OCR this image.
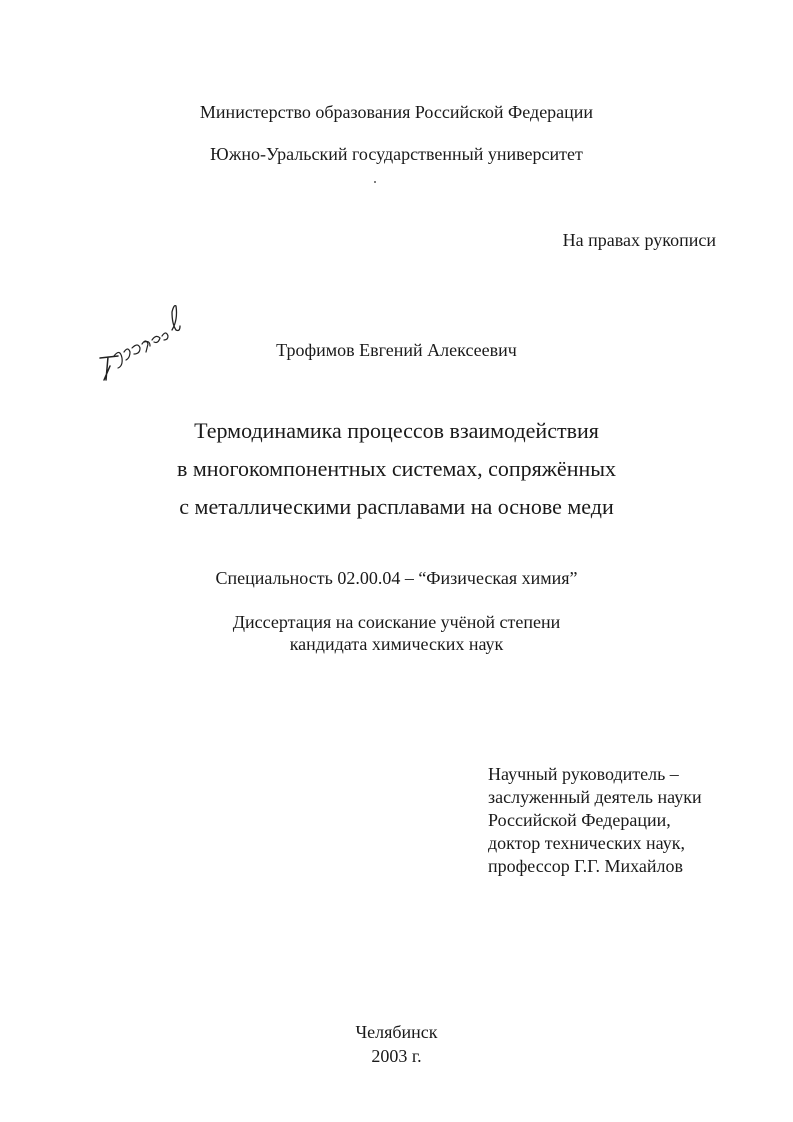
Министерство образования Российской Федерации
Южно-Уральский государственный университет
На правах рукописи
Трофимов Евгений Алексеевич
Термодинамика процессов взаимодействия
в многокомпонентных системах, сопряжённых
с металлическими расплавами на основе меди
Специальность 02.00.04 – “Физическая химия”
Диссертация на соискание учёной степени
кандидата химических наук
Научный руководитель –
заслуженный деятель науки
Российской Федерации,
доктор технических наук,
профессор Г.Г. Михайлов
Челябинск
2003 г.
